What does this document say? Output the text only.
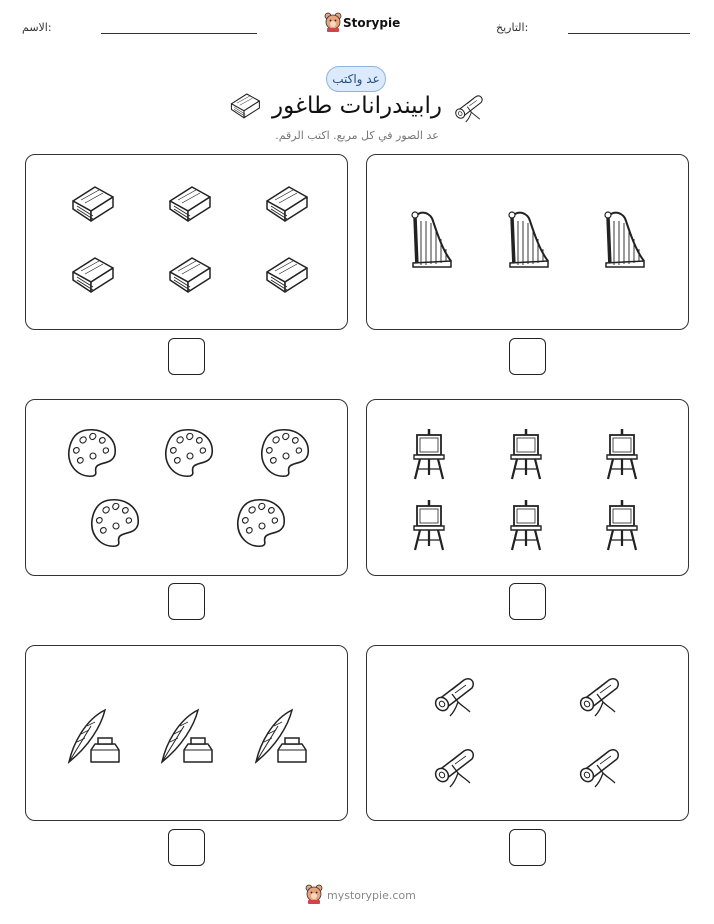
الاسم:	Storypie	التاريخ:
عد واكتب
رابيندرانات طاغور
عد الصور في كل مربع. اكتب الرقم.
mystorypie.com
